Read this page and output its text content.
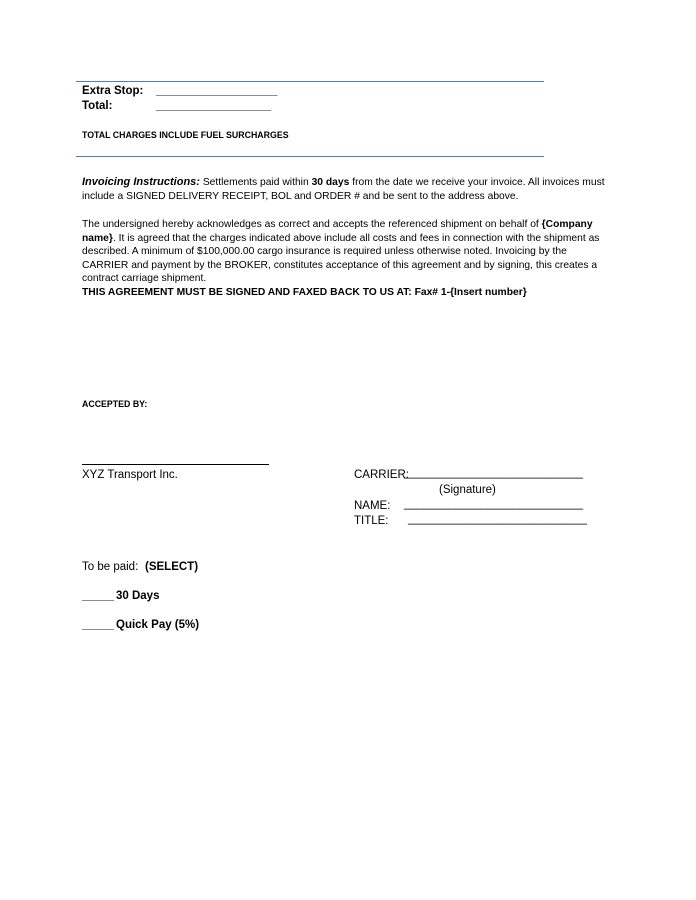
Extra Stop: ___________________
Total:	__________________
TOTAL CHARGES INCLUDE FUEL SURCHARGES
Invoicing Instructions: Settlements paid within 30 days from the date we receive your invoice. All invoices must include a SIGNED DELIVERY RECEIPT, BOL and ORDER # and be sent to the address above.
The undersigned hereby acknowledges as correct and accepts the referenced shipment on behalf of {Company name}. It is agreed that the charges indicated above include all costs and fees in connection with the shipment as described. A minimum of $100,000.00 cargo insurance is required unless otherwise noted. Invoicing by the CARRIER and payment by the BROKER, constitutes acceptance of this agreement and by signing, this creates a contract carriage shipment.
THIS AGREEMENT MUST BE SIGNED AND FAXED BACK TO US AT: Fax# 1-{Insert number}
ACCEPTED BY:
XYZ Transport Inc.	CARRIER:
____________________________
(Signature)
NAME: ____________________________
TITLE: ____________________________
To be paid: (SELECT)
_____ 30 Days
_____ Quick Pay (5%)
